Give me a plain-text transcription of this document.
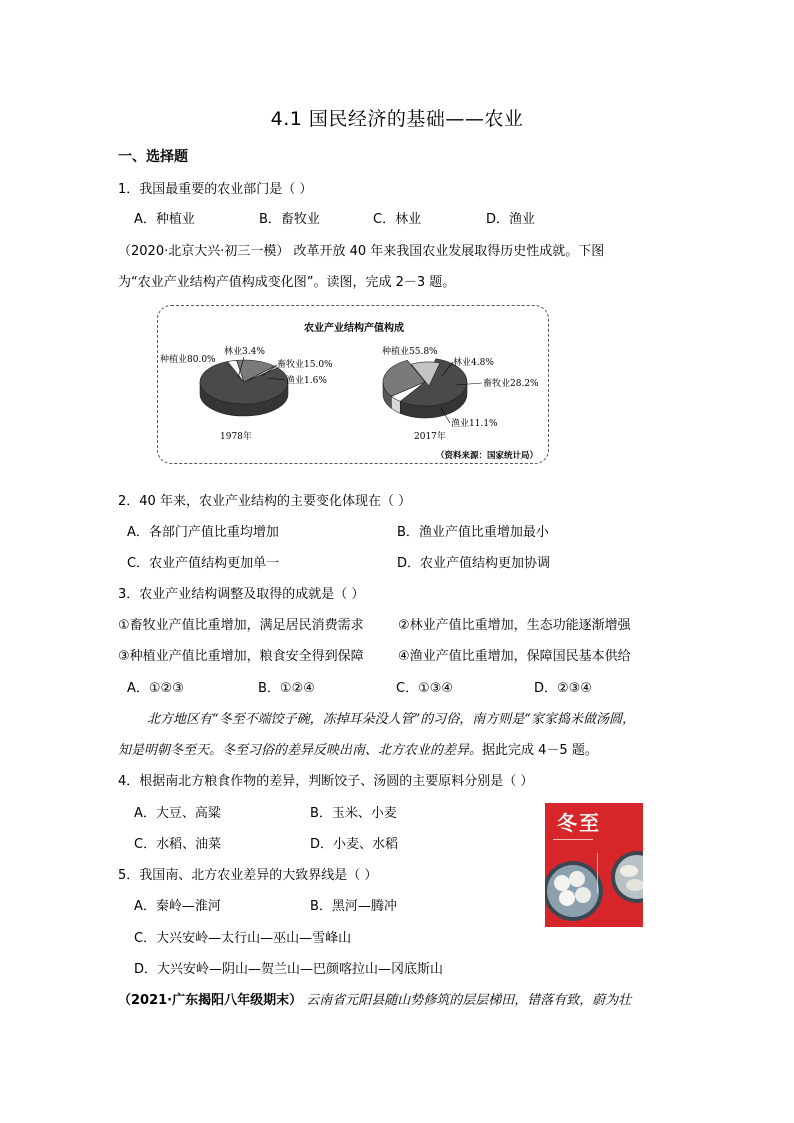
4.1 国民经济的基础——农业
一、选择题
1．我国最重要的农业部门是（ ）
A．种植业	B．畜牧业	C．林业	D．渔业
（2020·北京大兴·初三一模） 改革开放 40 年来我国农业发展取得历史性成就。下图
为“农业产业结构产值构成变化图”。读图，完成 2－3 题。
农业产业结构产值构成
种植业80.0%
林业3.4%
畜牧业15.0%
渔业1.6%
1978年
种植业55.8%
林业4.8%
畜牧业28.2%
渔业11.1%
2017年
（资料来源：国家统计局）
2．40 年来，农业产业结构的主要变化体现在（ ）
A．各部门产值比重均增加	B．渔业产值比重增加最小
C．农业产值结构更加单一	D．农业产值结构更加协调
3．农业产业结构调整及取得的成就是（ ）
①畜牧业产值比重增加，满足居民消费需求	②林业产值比重增加，生态功能逐渐增强
③种植业产值比重增加，粮食安全得到保障	④渔业产值比重增加，保障国民基本供给
A．①②③	B．①②④	C．①③④	D．②③④
北方地区有“冬至不端饺子碗，冻掉耳朵没人管”的习俗，南方则是“家家捣米做汤圆，
知是明朝冬至天。冬至习俗的差异反映出南、北方农业的差异。据此完成 4－5 题。
4．根据南北方粮食作物的差异，判断饺子、汤圆的主要原料分别是（ ）
A．大豆、高粱	B．玉米、小麦
C．水稻、油菜	D．小麦、水稻
冬至
5．我国南、北方农业差异的大致界线是（ ）
A．秦岭—淮河	B．黑河—腾冲
C．大兴安岭—太行山—巫山—雪峰山
D．大兴安岭—阴山—贺兰山—巴颜喀拉山—冈底斯山
（2021·广东揭阳八年级期末） 云南省元阳县随山势修筑的层层梯田，错落有致，蔚为壮
